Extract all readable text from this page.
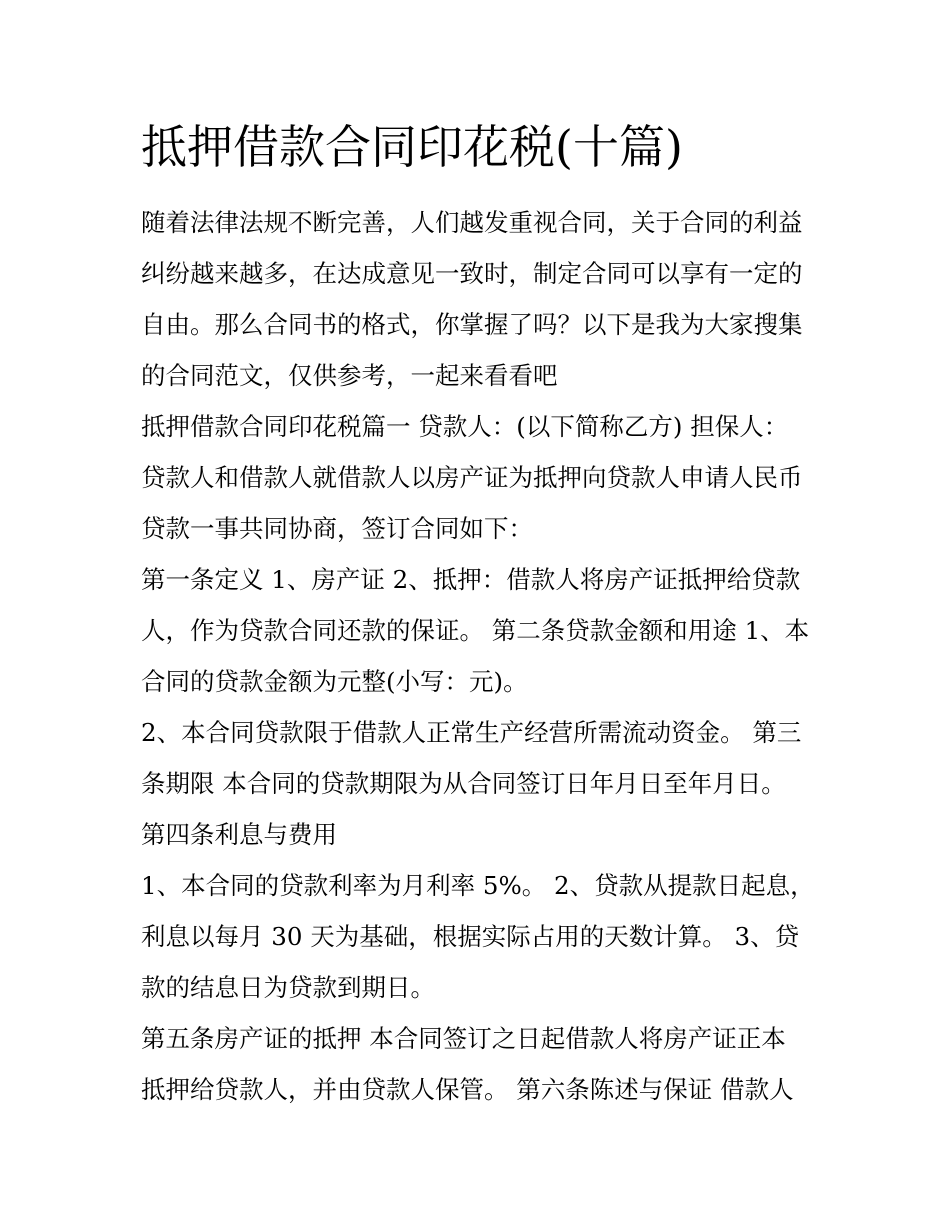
抵押借款合同印花税(十篇)

随着法律法规不断完善，人们越发重视合同，关于合同的利益

纠纷越来越多，在达成意见一致时，制定合同可以享有一定的

自由。那么合同书的格式，你掌握了吗？以下是我为大家搜集

的合同范文，仅供参考，一起来看看吧

抵押借款合同印花税篇一 贷款人：(以下简称乙方) 担保人：

贷款人和借款人就借款人以房产证为抵押向贷款人申请人民币

贷款一事共同协商，签订合同如下：

第一条定义 1、房产证 2、抵押：借款人将房产证抵押给贷款

人，作为贷款合同还款的保证。 第二条贷款金额和用途 1、本

合同的贷款金额为元整(小写：元)。

2、本合同贷款限于借款人正常生产经营所需流动资金。 第三

条期限 本合同的贷款期限为从合同签订日年月日至年月日。

第四条利息与费用

1、本合同的贷款利率为月利率 5%。 2、贷款从提款日起息，

利息以每月 30 天为基础，根据实际占用的天数计算。 3、贷

款的结息日为贷款到期日。

第五条房产证的抵押 本合同签订之日起借款人将房产证正本

抵押给贷款人，并由贷款人保管。 第六条陈述与保证 借款人
